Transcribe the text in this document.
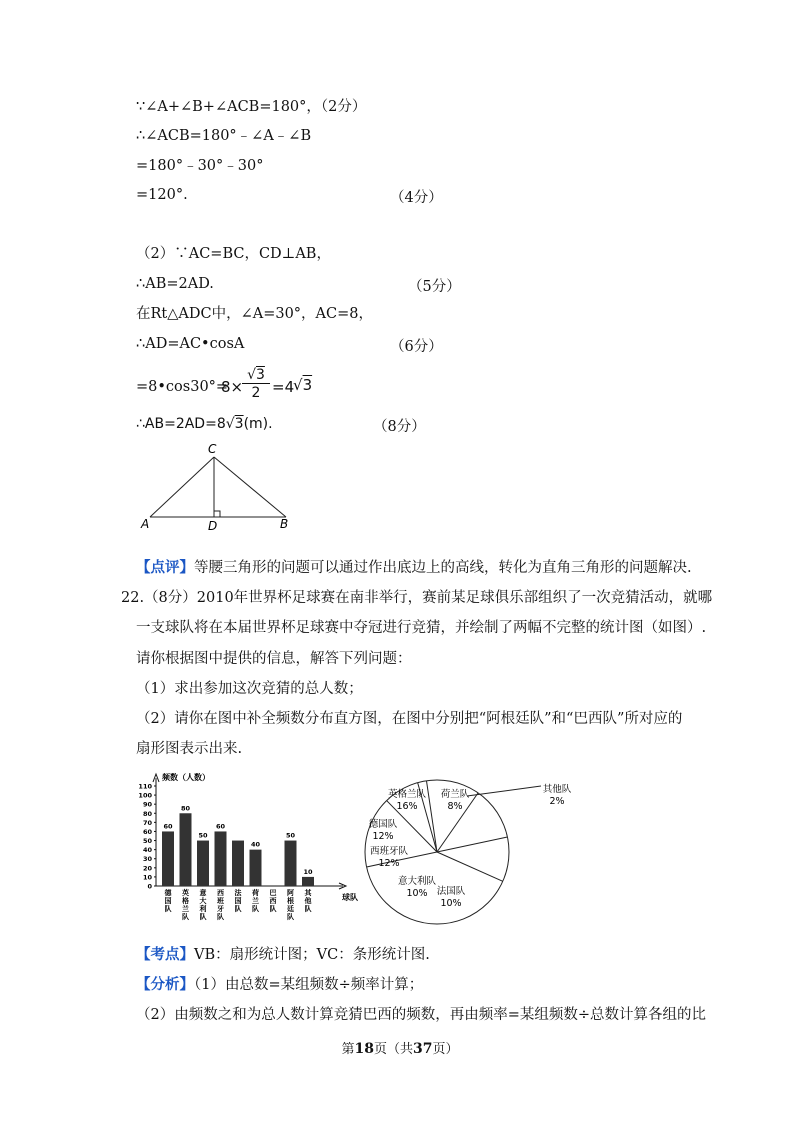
∵∠A+∠B+∠ACB=180°，（2分）
∴∠ACB=180°﹣∠A﹣∠B
=180°﹣30°﹣30°
=120°.	（4分）
（2）∵AC=BC，CD⊥AB，
∴AB=2AD.	（5分）
在Rt△ADC中，∠A=30°，AC=8，
∴AD=AC•cosA	（6分）
=8•cos30°=
8×
√3
2 =4
√3
∴AB=2AD=8√3(m).	（8分）
C
A	D	B
【点评】等腰三角形的问题可以通过作出底边上的高线，转化为直角三角形的问题解决.
22.（8分）2010年世界杯足球赛在南非举行，赛前某足球俱乐部组织了一次竞猜活动，就哪
一支球队将在本届世界杯足球赛中夺冠进行竞猜，并绘制了两幅不完整的统计图（如图）.
请你根据图中提供的信息，解答下列问题：
（1）求出参加这次竞猜的总人数；
（2）请你在图中补全频数分布直方图，在图中分别把“阿根廷队”和“巴西队”所对应的
扇形图表示出来.
频数（人数）
球队
0
10
20
30
40
50
60
70
80
90
100
110
60
德
国
队
80
英
格
兰
队
50
意
大
利
队
60
西
班
牙
队
法
国
队
40
荷
兰
队
巴
西
队
50
阿
根
廷
队
10
其
他
队
英格兰队
16%
荷兰队
8%
其他队
2%
德国队
12%
西班牙队
12%
意大利队
10% 法国队
10%
【考点】VB：扇形统计图；VC：条形统计图.
【分析】（1）由总数=某组频数÷频率计算；
（2）由频数之和为总人数计算竞猜巴西的频数，再由频率=某组频数÷总数计算各组的比
第18页（共37页）
